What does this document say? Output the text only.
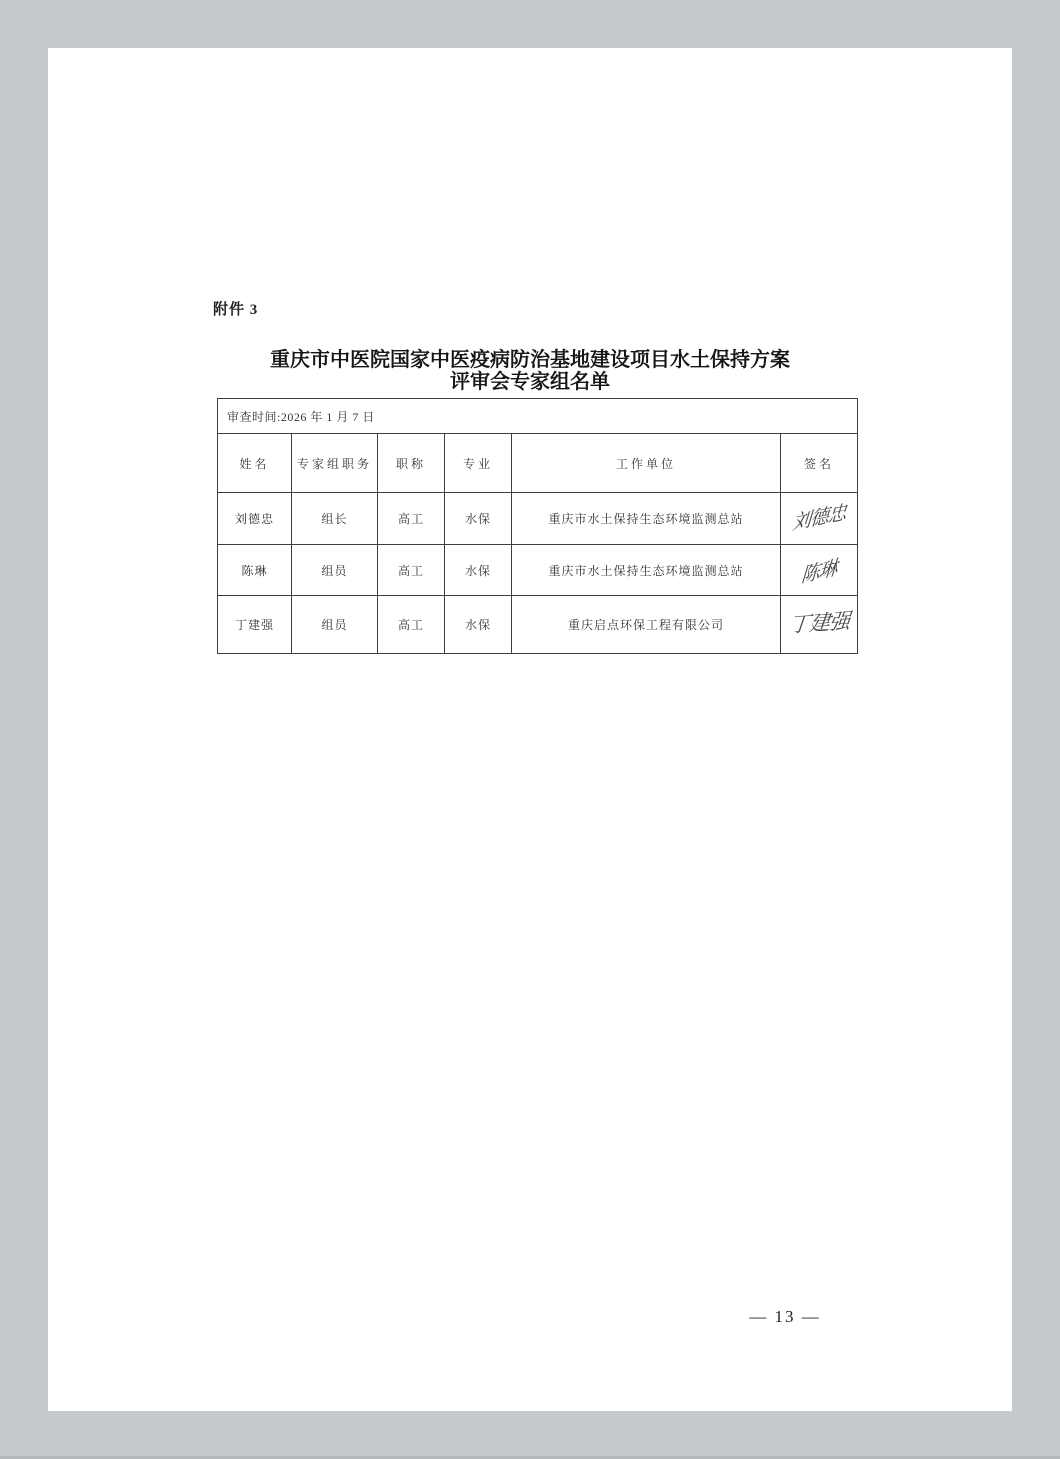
附件 3
重庆市中医院国家中医疫病防治基地建设项目水土保持方案
评审会专家组名单
审查时间:2026 年 1 月 7 日					
姓名	专家组职务	职称	专业	工作单位	签名
刘德忠	组长	高工	水保	重庆市水土保持生态环境监测总站	刘德忠
陈琳	组员	高工	水保	重庆市水土保持生态环境监测总站	陈琳
丁建强	组员	高工	水保	重庆启点环保工程有限公司	丁建强
— 13 —
